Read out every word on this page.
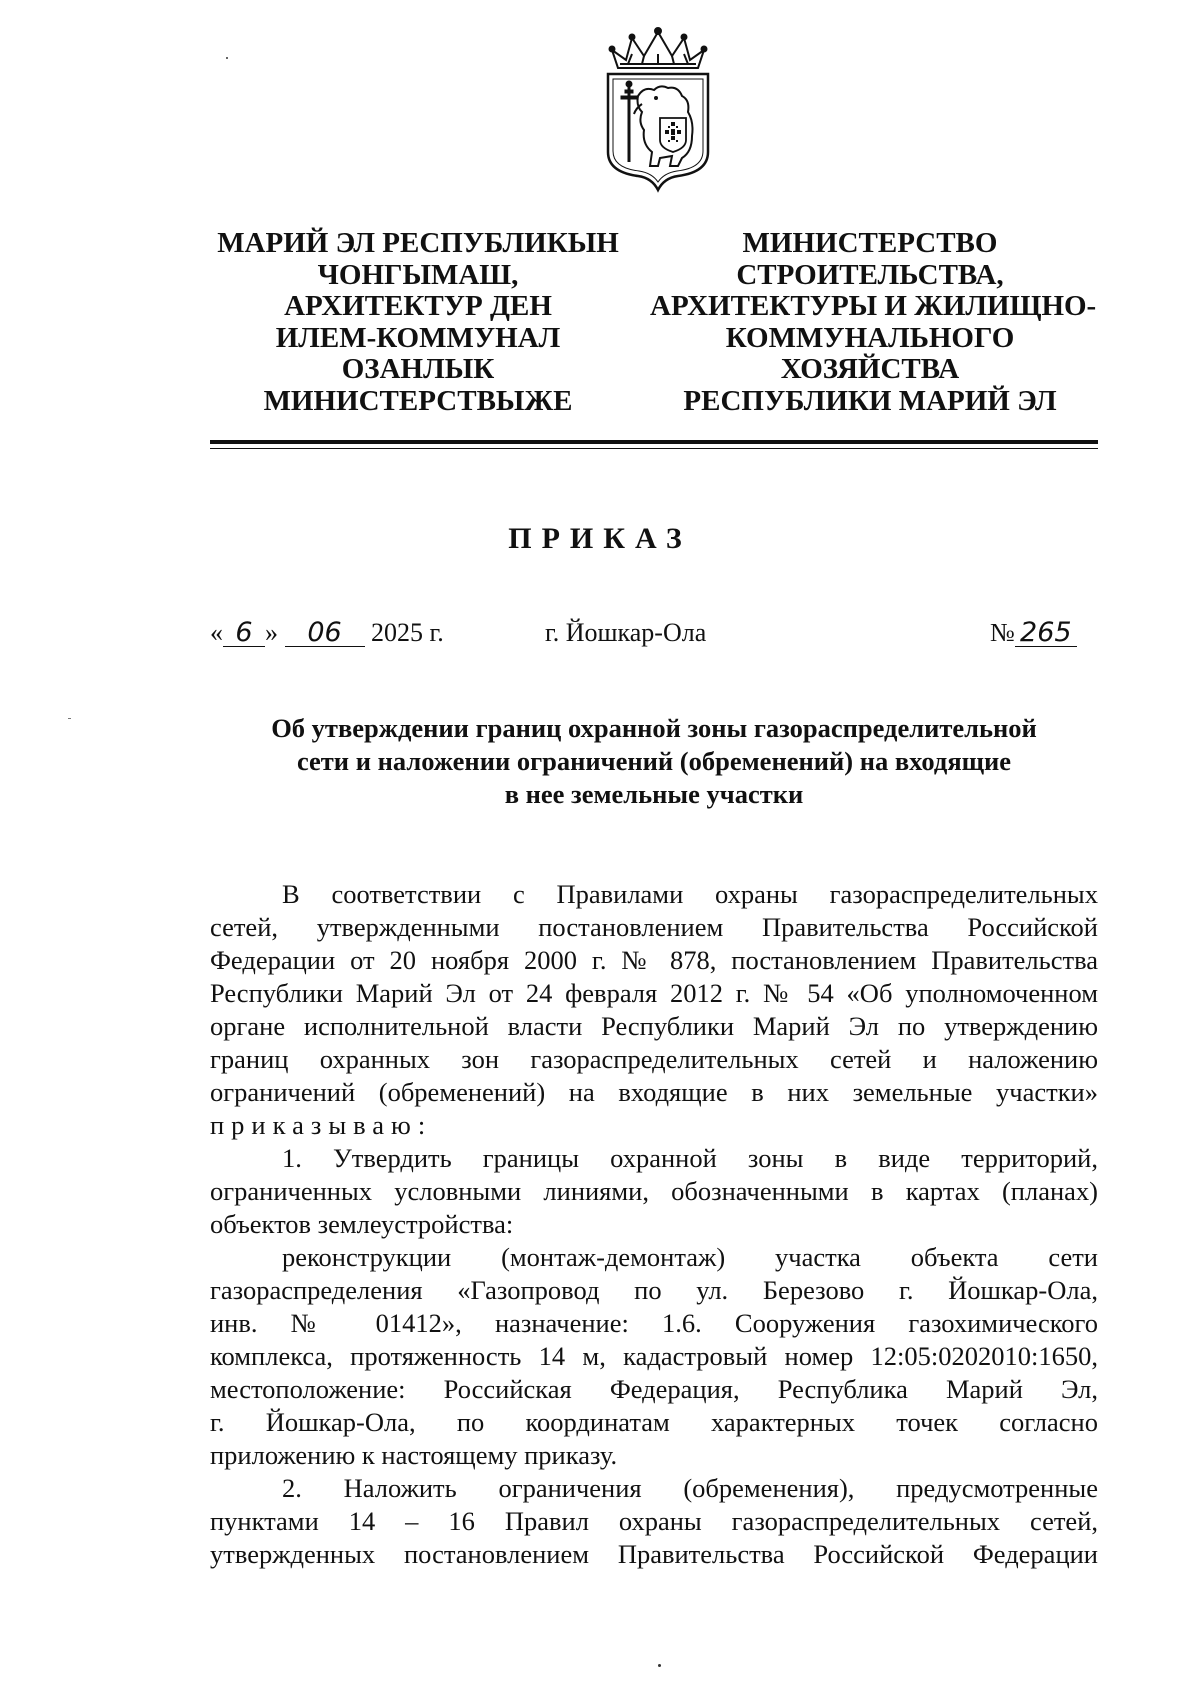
МАРИЙ ЭЛ РЕСПУБЛИКЫН
ЧОНГЫМАШ,
АРХИТЕКТУР ДЕН
ИЛЕМ-КОММУНАЛ
ОЗАНЛЫК
МИНИСТЕРСТВЫЖЕ
МИНИСТЕРСТВО
СТРОИТЕЛЬСТВА,
АРХИТЕКТУРЫ И ЖИЛИЩНО-
КОММУНАЛЬНОГО
ХОЗЯЙСТВА
РЕСПУБЛИКИ МАРИЙ ЭЛ
ПРИКАЗ
« 6 » 06 2025 г.	г. Йошкар-Ола	№ 265
Об утверждении границ охранной зоны газораспределительной
сети и наложении ограничений (обременений) на входящие
в нее земельные участки
В соответствии с Правилами охраны газораспределительных
сетей, утвержденными постановлением Правительства Российской
Федерации от 20 ноября 2000 г. № 878, постановлением Правительства
Республики Марий Эл от 24 февраля 2012 г. № 54 «Об уполномоченном
органе исполнительной власти Республики Марий Эл по утверждению
границ охранных зон газораспределительных сетей и наложению
ограничений (обременений) на входящие в них земельные участки»
приказываю:
1. Утвердить границы охранной зоны в виде территорий,
ограниченных условными линиями, обозначенными в картах (планах)
объектов землеустройства:
реконструкции (монтаж-демонтаж) участка объекта сети
газораспределения «Газопровод по ул. Березово г. Йошкар-Ола,
инв. № 01412», назначение: 1.6. Сооружения газохимического
комплекса, протяженность 14 м, кадастровый номер 12:05:0202010:1650,
местоположение: Российская Федерация, Республика Марий Эл,
г. Йошкар-Ола, по координатам характерных точек согласно
приложению к настоящему приказу.
2. Наложить ограничения (обременения), предусмотренные
пунктами 14 – 16 Правил охраны газораспределительных сетей,
утвержденных постановлением Правительства Российской Федерации
